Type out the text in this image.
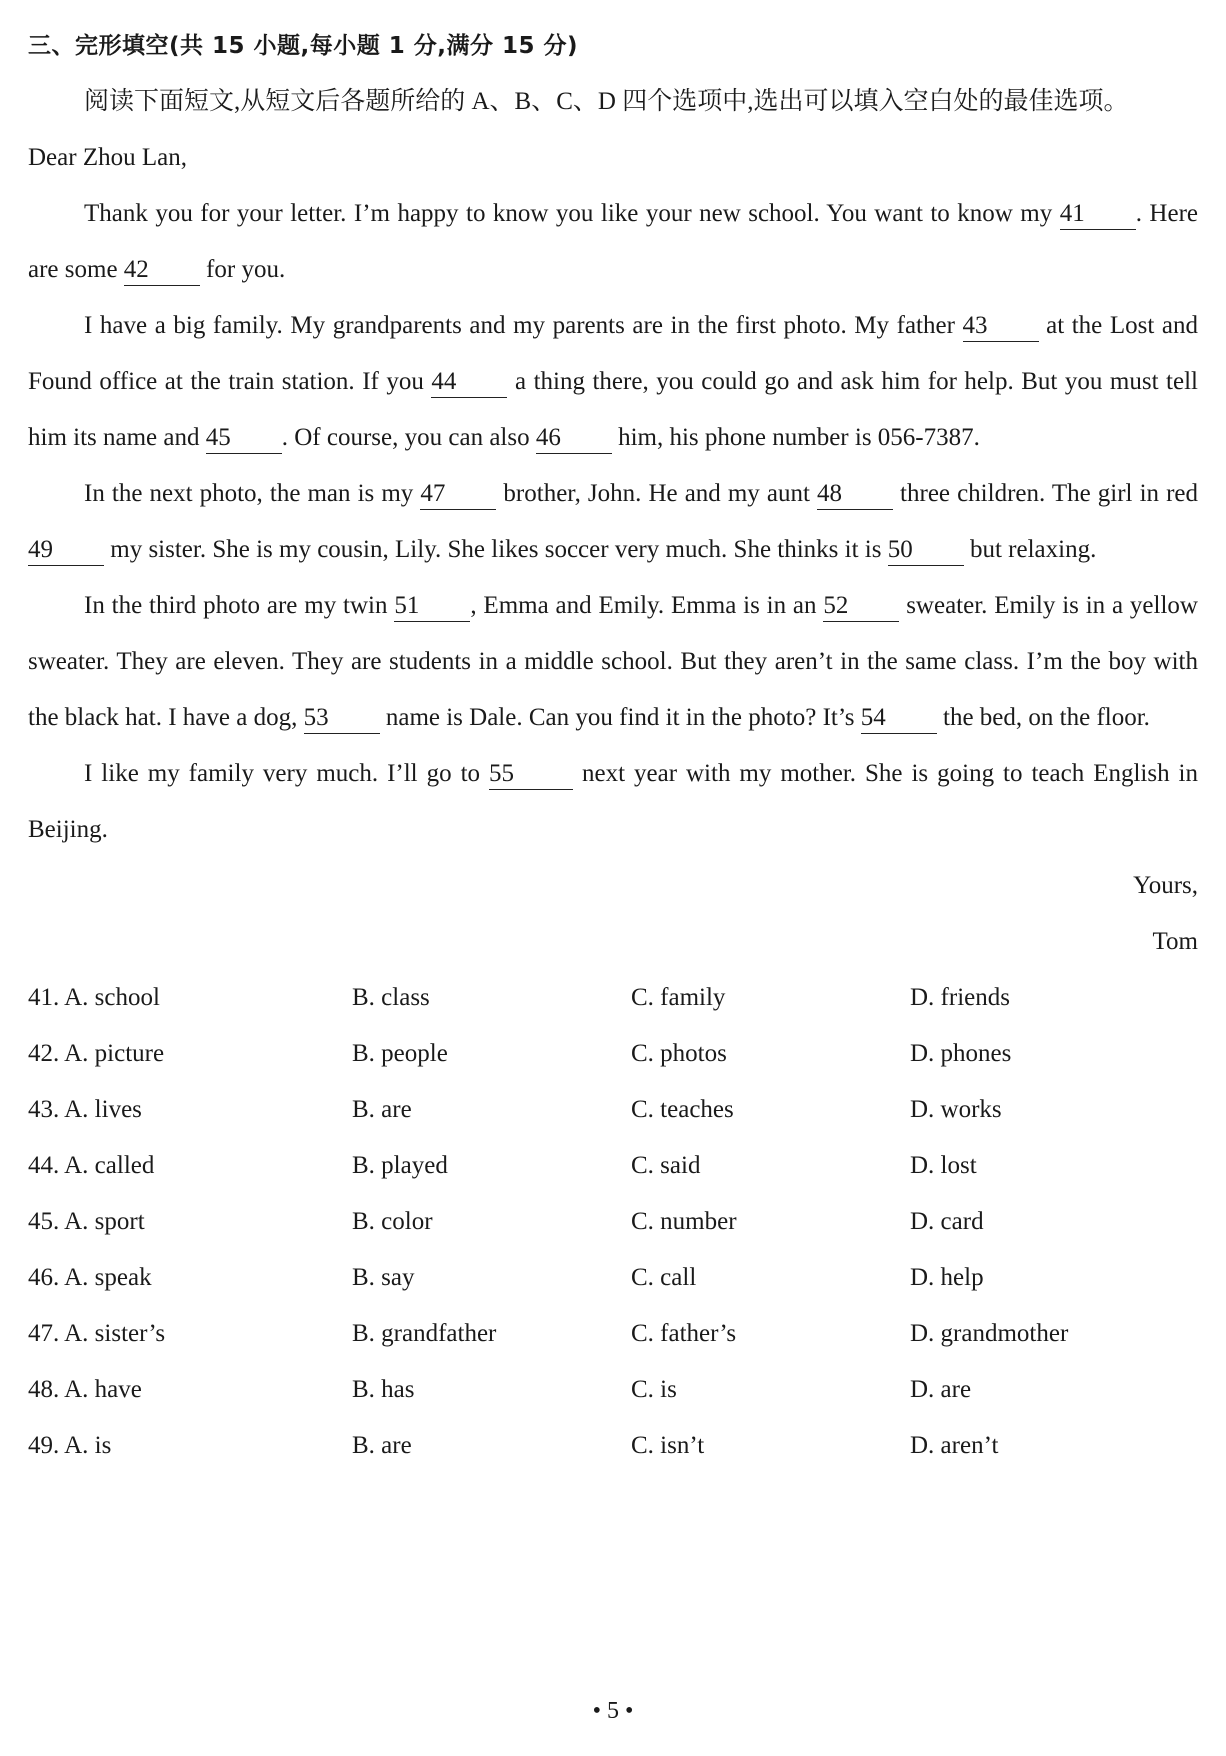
三、完形填空(共 15 小题,每小题 1 分,满分 15 分)

阅读下面短文,从短文后各题所给的 A、B、C、D 四个选项中,选出可以填入空白处的最佳选项。

Dear Zhou Lan,

Thank you for your letter. I’m happy to know you like your new school. You want to know my 41 . Here are some 42 for you.

I have a big family. My grandparents and my parents are in the first photo. My father 43 at the Lost and Found office at the train station. If you 44 a thing there, you could go and ask him for help. But you must tell him its name and 45 . Of course, you can also 46 him, his phone number is 056-7387.

In the next photo, the man is my 47 brother, John. He and my aunt 48 three children. The girl in red 49 my sister. She is my cousin, Lily. She likes soccer very much. She thinks it is 50 but relaxing.

In the third photo are my twin 51 , Emma and Emily. Emma is in an 52 sweater. Emily is in a yellow sweater. They are eleven. They are students in a middle school. But they aren’t in the same class. I’m the boy with the black hat. I have a dog, 53 name is Dale. Can you find it in the photo? It’s 54 the bed, on the floor.

I like my family very much. I’ll go to 55 next year with my mother. She is going to teach English in Beijing.

Yours,

Tom

41. A. school	B. class	C. family	D. friends
42. A. picture	B. people	C. photos	D. phones
43. A. lives	B. are	C. teaches	D. works
44. A. called	B. played	C. said	D. lost
45. A. sport	B. color	C. number	D. card
46. A. speak	B. say	C. call	D. help
47. A. sister’s	B. grandfather	C. father’s	D. grandmother
48. A. have	B. has	C. is	D. are
49. A. is	B. are	C. isn’t	D. aren’t
• 5 •
